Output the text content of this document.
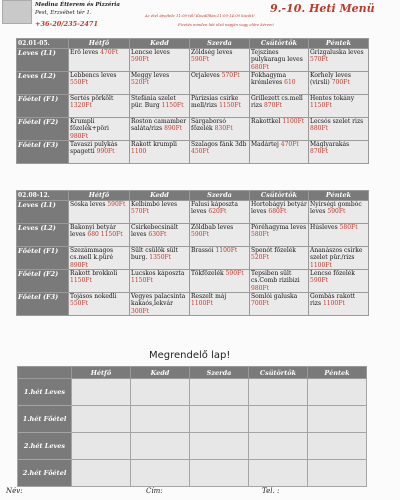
Medina Étterem és Pizzéria
Pest, Erzsébet tér 1.
+36-20/235-2471
9.-10. Heti Menü
Az étel átvétele 11:00-tól! Kiszállítás:11:00-14:00 között!
Fizetés minden hét első napján vagy előre kérem!
02.01-05.	Hétfő	Kedd	Szerda	Csütörtök	Péntek
Leves (L1)	Erő leves 470Ft	Lencse leves 590Ft	Zöldség leves 590Ft	Tejszínes pulykaragu leves 680Ft	Grízgaluska leves 570Ft
Leves (L2)	Lebbencs leves 550Ft	Meggy leves 520Ft	Orjaleves 570Ft	Fokhagyma krémleves 610	Korhely leves (virsli) 700Ft
Főétel (F1)	Sertés pörkölt 1320Ft	Stefánia szelet pür. Burg 1150Ft	Párizsias csirke mell/rizs 1150Ft	Grillezett cs.mell rizs 870Ft	Hentes tokány 1150Ft
Főétel (F2)	Krumpli főzelék+pöri 980Ft	Roston camamber saláta/rizs 890Ft	Sárgaborsó főzelék 830Ft	Rakottkel 1100Ft	Lecsós szelet rizs 880Ft
Főétel (F3)	Tavaszi pulykás spagetti 990Ft	Rakott krumpli 1100	Szalagos fánk 3db 450Ft	Madártej 470Ft	Máglyarakás 870Ft
02.08-12.	Hétfő	Kedd	Szerda	Csütörtök	Péntek
Leves (L1)	Sóska leves 590Ft	Kelbimbó leves 570Ft	Falusi káposzta leves 620Ft	Hortobágyi betyár leves 680Ft	Nyírségi gombóc leves 590Ft
Leves (L2)	Bakonyi betyár leves 680 1150Ft	Csirkebecsinált leves 630Ft	Zöldbab leves 590Ft	Póréhagyma leves 580Ft	Húsleves 580Ft
Főétel (F1)	Szezámmagos cs.mell k.püré 890Ft	Sült csülök sült burg. 1350Ft	Brassói 1100Ft	Spenót főzelék 520Ft	Ananászos csirke szelet pür./rizs 1100Ft
Főétel (F2)	Rakott brokkoli 1150Ft	Lucskos káposzta 1150Ft	Tökfőzelék 590Ft	Tepsiben sült cs.Comb rizibizi 980Ft	Lencse főzelék 590Ft
Főétel (F3)	Tojásos nokedli 550Ft	Vegyes palacsinta kakaós,lekvár 300Ft	Reszelt máj 1100Ft	Somlói galuska 700Ft	Gombás rakott rizs 1100Ft
Megrendelő lap!
	Hétfő	Kedd	Szerda	Csütörtök	Péntek
1.hét Leves					
1.hét Főétel					
2.hét Leves					
2.hét Főétel					
Név:	Cím:	Tel. :
